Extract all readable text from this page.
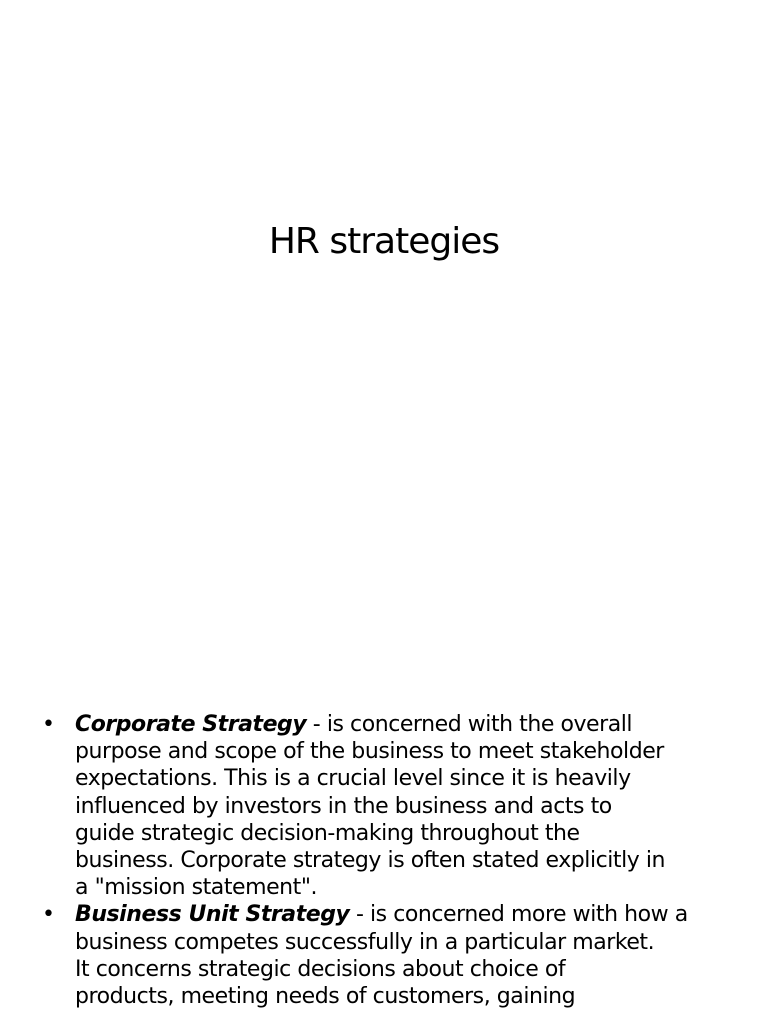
HR strategies
• Corporate Strategy - is concerned with the overall
purpose and scope of the business to meet stakeholder
expectations. This is a crucial level since it is heavily
influenced by investors in the business and acts to
guide strategic decision-making throughout the
business. Corporate strategy is often stated explicitly in
a "mission statement".
• Business Unit Strategy - is concerned more with how a
business competes successfully in a particular market.
It concerns strategic decisions about choice of
products, meeting needs of customers, gaining
